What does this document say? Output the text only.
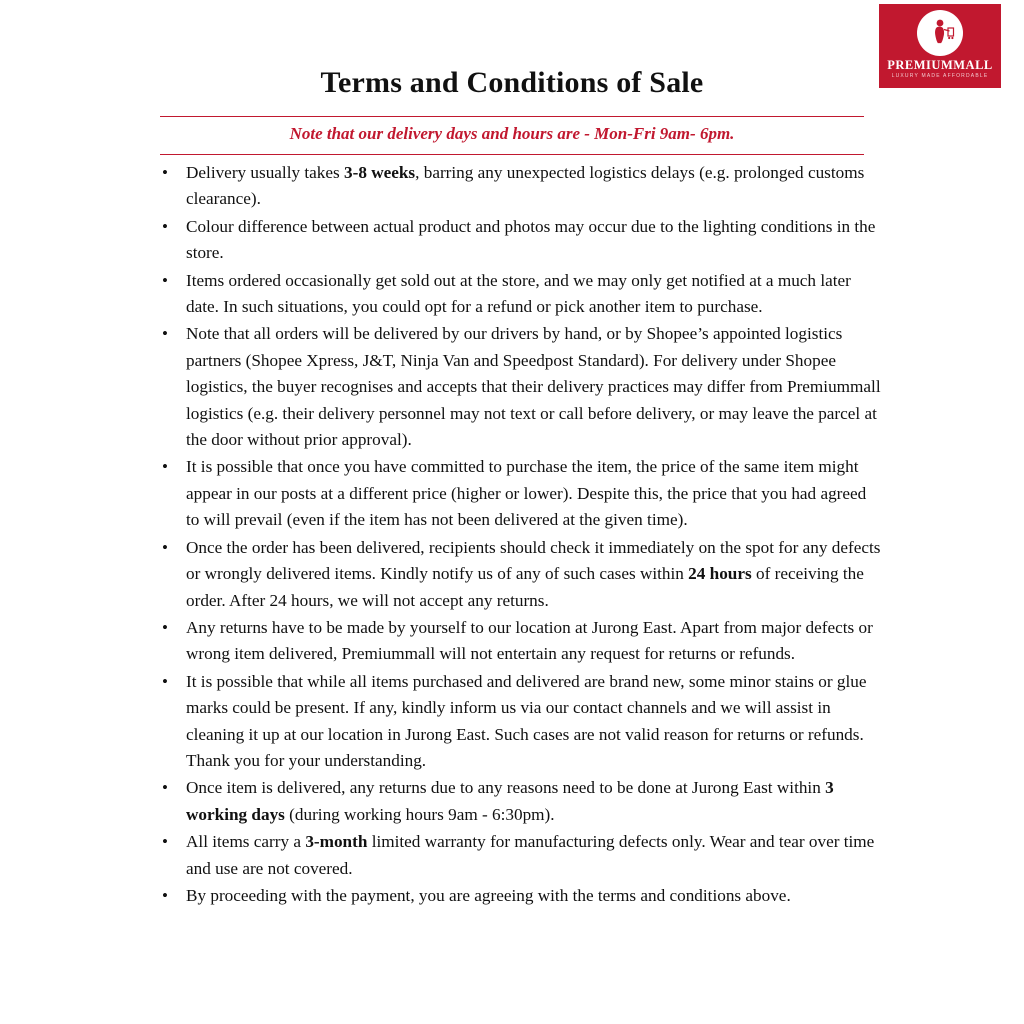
PREMIUMMALL
LUXURY MADE AFFORDABLE
Terms and Conditions of Sale
Note that our delivery days and hours are - Mon-Fri 9am- 6pm.
• Delivery usually takes 3-8 weeks, barring any unexpected logistics delays (e.g. prolonged customs clearance).
• Colour difference between actual product and photos may occur due to the lighting conditions in the store.
• Items ordered occasionally get sold out at the store, and we may only get notified at a much later date. In such situations, you could opt for a refund or pick another item to purchase.
• Note that all orders will be delivered by our drivers by hand, or by Shopee’s appointed logistics partners (Shopee Xpress, J&T, Ninja Van and Speedpost Standard). For delivery under Shopee logistics, the buyer recognises and accepts that their delivery practices may differ from Premiummall logistics (e.g. their delivery personnel may not text or call before delivery, or may leave the parcel at the door without prior approval).
• It is possible that once you have committed to purchase the item, the price of the same item might appear in our posts at a different price (higher or lower). Despite this, the price that you had agreed to will prevail (even if the item has not been delivered at the given time).
• Once the order has been delivered, recipients should check it immediately on the spot for any defects or wrongly delivered items. Kindly notify us of any of such cases within 24 hours of receiving the order. After 24 hours, we will not accept any returns.
• Any returns have to be made by yourself to our location at Jurong East. Apart from major defects or wrong item delivered, Premiummall will not entertain any request for returns or refunds.
• It is possible that while all items purchased and delivered are brand new, some minor stains or glue marks could be present. If any, kindly inform us via our contact channels and we will assist in cleaning it up at our location in Jurong East. Such cases are not valid reason for returns or refunds. Thank you for your understanding.
• Once item is delivered, any returns due to any reasons need to be done at Jurong East within 3 working days (during working hours 9am - 6:30pm).
• All items carry a 3-month limited warranty for manufacturing defects only. Wear and tear over time and use are not covered.
• By proceeding with the payment, you are agreeing with the terms and conditions above.
